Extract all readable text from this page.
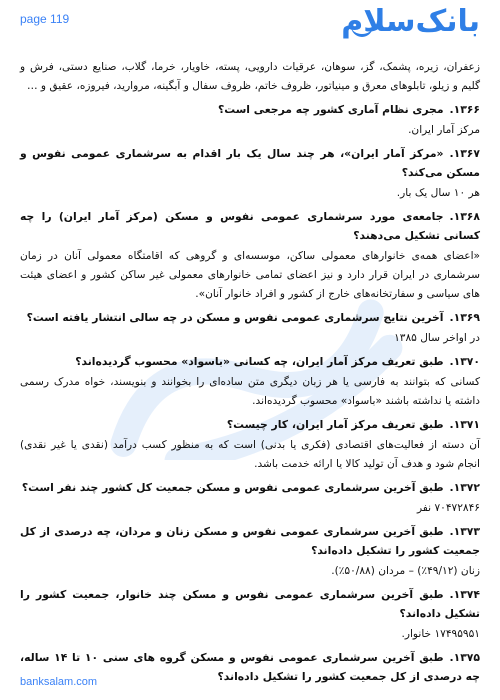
page 119	بانک‌سلام

زعفران، زیره، پشمک، گز، سوهان، عرقیات دارویی، پسته، خاویار، خرما، گلاب، صنایع دستی، فرش و گلیم و زیلو، تابلوهای معرق و مینیاتور، ظروف خاتم، ظروف سفال و آبگینه، مروارید، فیروزه، عقیق و …

۱۳۶۶.مجری نظام آماری کشور چه مرجعی است؟

مرکز آمار ایران.

۱۳۶۷.«مرکز آمار ایران»، هر چند سال یک بار اقدام به سرشماری عمومی نفوس و مسکن می‌کند؟

هر ۱۰ سال یک بار.

۱۳۶۸.جامعه‌ی مورد سرشماری عمومی نفوس و مسکن (مرکز آمار ایران) را چه کسانی تشکیل می‌دهند؟

«اعضای همه‌ی خانوارهای معمولی ساکن، موسسه‌ای و گروهی که اقامتگاه معمولی آنان در زمان سرشماری در ایران قرار دارد و نیز اعضای تمامی خانوارهای معمولی غیر ساکن کشور و اعضای هیئت های سیاسی و سفارتخانه‌های خارج از کشور و افراد خانوار آنان».

۱۳۶۹.آخرین نتایج سرشماری عمومی نفوس و مسکن در چه سالی انتشار یافته است؟

در اواخر سال ۱۳۸۵

۱۳۷۰.طبق تعریف مرکز آمار ایران، چه کسانی «باسواد» محسوب گردیده‌اند؟

کسانی که بتوانند به فارسی یا هر زبان دیگری متن ساده‌ای را بخوانند و بنویسند، خواه مدرک رسمی داشته یا نداشته باشند «باسواد» محسوب گردیده‌اند.

۱۳۷۱.طبق تعریف مرکز آمار ایران، کار چیست؟

آن دسته از فعالیت‌های اقتصادی (فکری یا بدنی) است که به منظور کسب درآمد (نقدی یا غیر نقدی) انجام شود و هدف آن تولید کالا یا ارائه خدمت باشد.

۱۳۷۲.طبق آخرین سرشماری عمومی نفوس و مسکن جمعیت کل کشور چند نفر است؟

۷۰۴۷۲۸۴۶ نفر

۱۳۷۳.طبق آخرین سرشماری عمومی نفوس و مسکن زنان و مردان، چه درصدی از کل جمعیت کشور را تشکیل داده‌اند؟

زنان (۴۹/۱۲٪) – مردان (۵۰/۸۸٪).

۱۳۷۴.طبق آخرین سرشماری عمومی نفوس و مسکن چند خانوار، جمعیت کشور را تشکیل داده‌اند؟

۱۷۴۹۵۹۵۱ خانوار.

۱۳۷۵.طبق آخرین سرشماری عمومی نفوس و مسکن گروه های سنی ۱۰ تا ۱۴ ساله، چه درصدی از کل جمعیت کشور را تشکیل داده‌اند؟

banksalam.com
